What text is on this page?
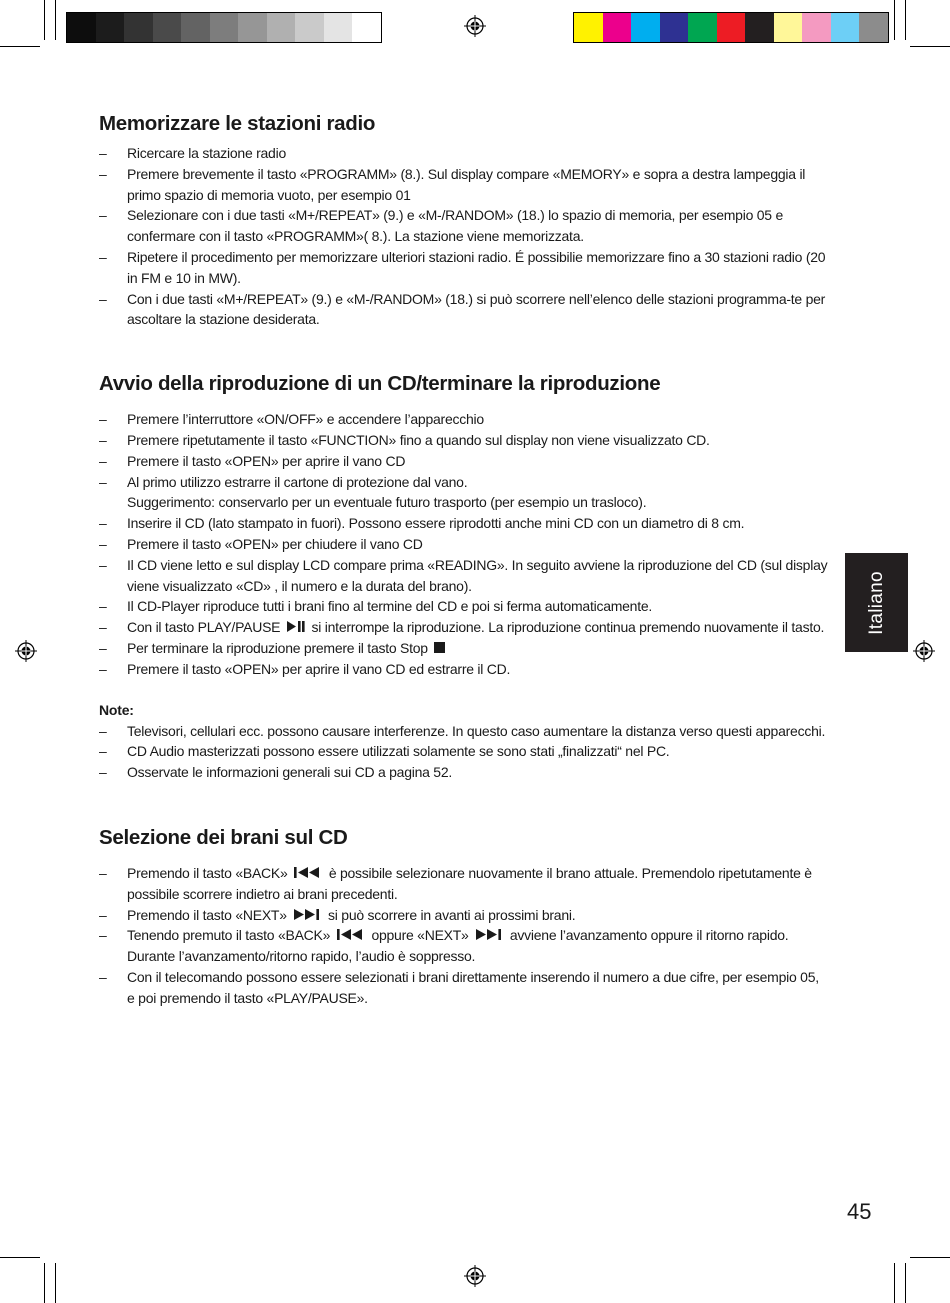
Memorizzare le stazioni radio
– Ricercare la stazione radio
– Premere brevemente il tasto «PROGRAMM» (8.). Sul display compare «MEMORY» e sopra a destra lampeggia il primo spazio di memoria vuoto, per esempio 01
– Selezionare con i due tasti «M+/REPEAT» (9.) e «M-/RANDOM» (18.) lo spazio di memoria, per esempio 05 e confermare con il tasto «PROGRAMM»( 8.). La stazione viene memorizzata.
– Ripetere il procedimento per memorizzare ulteriori stazioni radio. É possibilie memorizzare fino a 30 stazioni radio (20 in FM e 10 in MW).
– Con i due tasti «M+/REPEAT» (9.) e «M-/RANDOM» (18.) si può scorrere nell’elenco delle stazioni programma-te per ascoltare la stazione desiderata.
Avvio della riproduzione di un CD/terminare la riproduzione
– Premere l’interruttore «ON/OFF» e accendere l’apparecchio
– Premere ripetutamente il tasto «FUNCTION» fino a quando sul display non viene visualizzato CD.
– Premere il tasto «OPEN» per aprire il vano CD
– Al primo utilizzo estrarre il cartone di protezione dal vano.
Suggerimento: conservarlo per un eventuale futuro trasporto (per esempio un trasloco).
– Inserire il CD (lato stampato in fuori). Possono essere riprodotti anche mini CD con un diametro di 8 cm.
– Premere il tasto «OPEN» per chiudere il vano CD
– Il CD viene letto e sul display LCD compare prima «READING». In seguito avviene la riproduzione del CD (sul display viene visualizzato «CD» , il numero e la durata del brano).
– Il CD-Player riproduce tutti i brani fino al termine del CD e poi si ferma automaticamente.
– Con il tasto PLAY/PAUSE si interrompe la riproduzione. La riproduzione continua premendo nuovamente il tasto.
– Per terminare la riproduzione premere il tasto Stop
– Premere il tasto «OPEN» per aprire il vano CD ed estrarre il CD.
Note:
– Televisori, cellulari ecc. possono causare interferenze. In questo caso aumentare la distanza verso questi apparecchi.
– CD Audio masterizzati possono essere utilizzati solamente se sono stati „finalizzati“ nel PC.
– Osservate le informazioni generali sui CD a pagina 52.
Selezione dei brani sul CD
– Premendo il tasto «BACK»	è possibile selezionare nuovamente il brano attuale. Premendolo ripetutamente è possibile scorrere indietro ai brani precedenti.
– Premendo il tasto «NEXT»	si può scorrere in avanti ai prossimi brani.
– Tenendo premuto il tasto «BACK»	oppure «NEXT»	avviene l’avanzamento oppure il ritorno rapido. Durante l’avanzamento/ritorno rapido, l’audio è soppresso.
– Con il telecomando possono essere selezionati i brani direttamente inserendo il numero a due cifre, per esempio 05, e poi premendo il tasto «PLAY/PAUSE».
Italiano
45
